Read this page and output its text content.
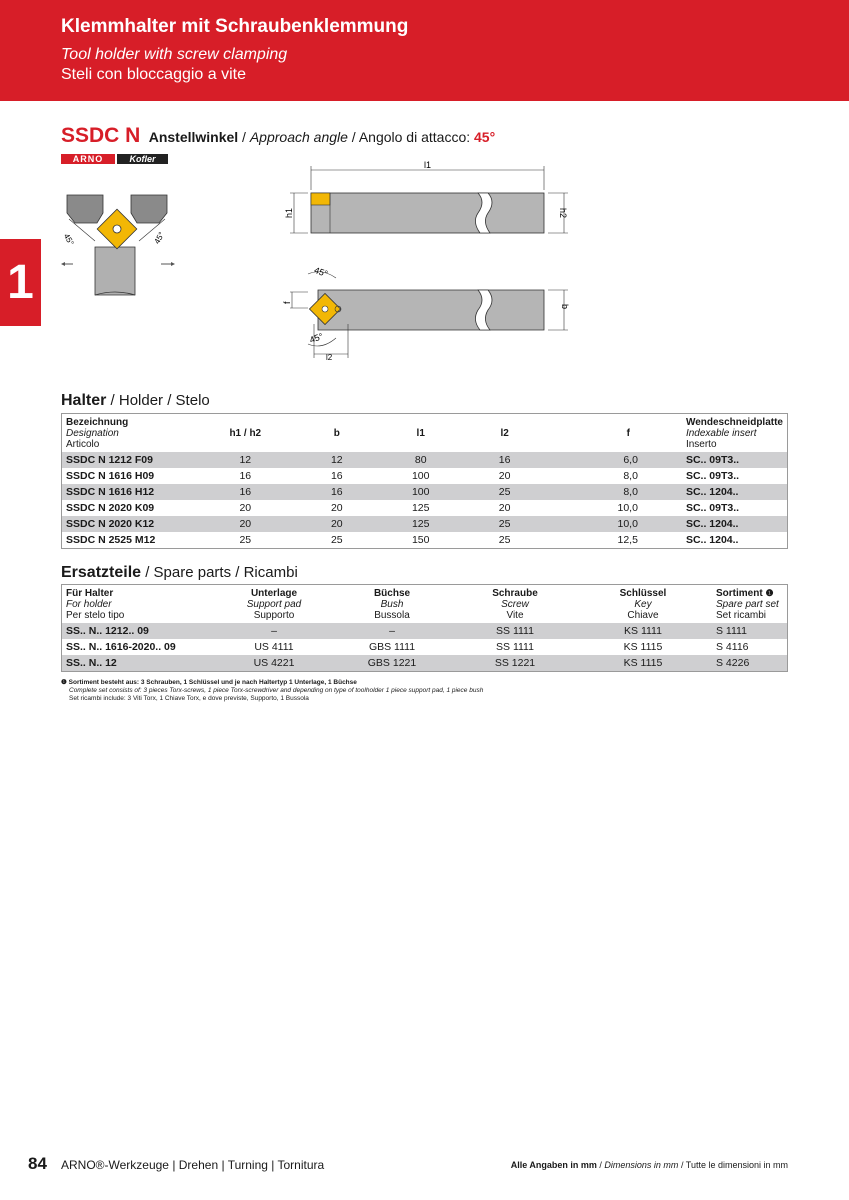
Klemmhalter mit Schraubenklemmung
Tool holder with screw clamping
Steli con bloccaggio a vite
1
SSDC N Anstellwinkel / Approach angle / Angolo di attacco: 45°
ARNO	Kofler
45°	45°
l1
h1	h2
45°
45°
f
b
l2
Halter / Holder / Stelo
Bezeichnung
Designation
Articolo	h1 / h2	b	l1	l2	f	Wendeschneidplatte
Indexable insert
Inserto

SSDC N 1212 F09	12	12	80	16	6,0	SC.. 09T3..
SSDC N 1616 H09	16	16	100	20	8,0	SC.. 09T3..
SSDC N 1616 H12	16	16	100	25	8,0	SC.. 1204..
SSDC N 2020 K09	20	20	125	20	10,0	SC.. 09T3..
SSDC N 2020 K12	20	20	125	25	10,0	SC.. 1204..
SSDC N 2525 M12	25	25	150	25	12,5	SC.. 1204..
Ersatzteile / Spare parts / Ricambi
Für Halter
For holder
Per stelo tipo	Unterlage
Support pad
Supporto	Büchse
Bush
Bussola	Schraube
Screw
Vite	Schlüssel
Key
Chiave	Sortiment ❶
Spare part set
Set ricambi

SS.. N.. 1212.. 09	–	–	SS 1111	KS 1111	S 1111
SS.. N.. 1616-2020.. 09	US 4111	GBS 1111	SS 1111	KS 1115	S 4116
SS.. N.. 12	US 4221	GBS 1221	SS 1221	KS 1115	S 4226
❶ Sortiment besteht aus: 3 Schrauben, 1 Schlüssel und je nach Haltertyp 1 Unterlage, 1 Büchse
Complete set consists of: 3 pieces Torx-screws, 1 piece Torx-screwdriver and depending on type of toolholder 1 piece support pad, 1 piece bush
Set ricambi include: 3 Viti Torx, 1 Chiave Torx, e dove previste, Supporto, 1 Bussola
84 ARNO®-Werkzeuge | Drehen | Turning | Tornitura	Alle Angaben in mm / Dimensions in mm / Tutte le dimensioni in mm
